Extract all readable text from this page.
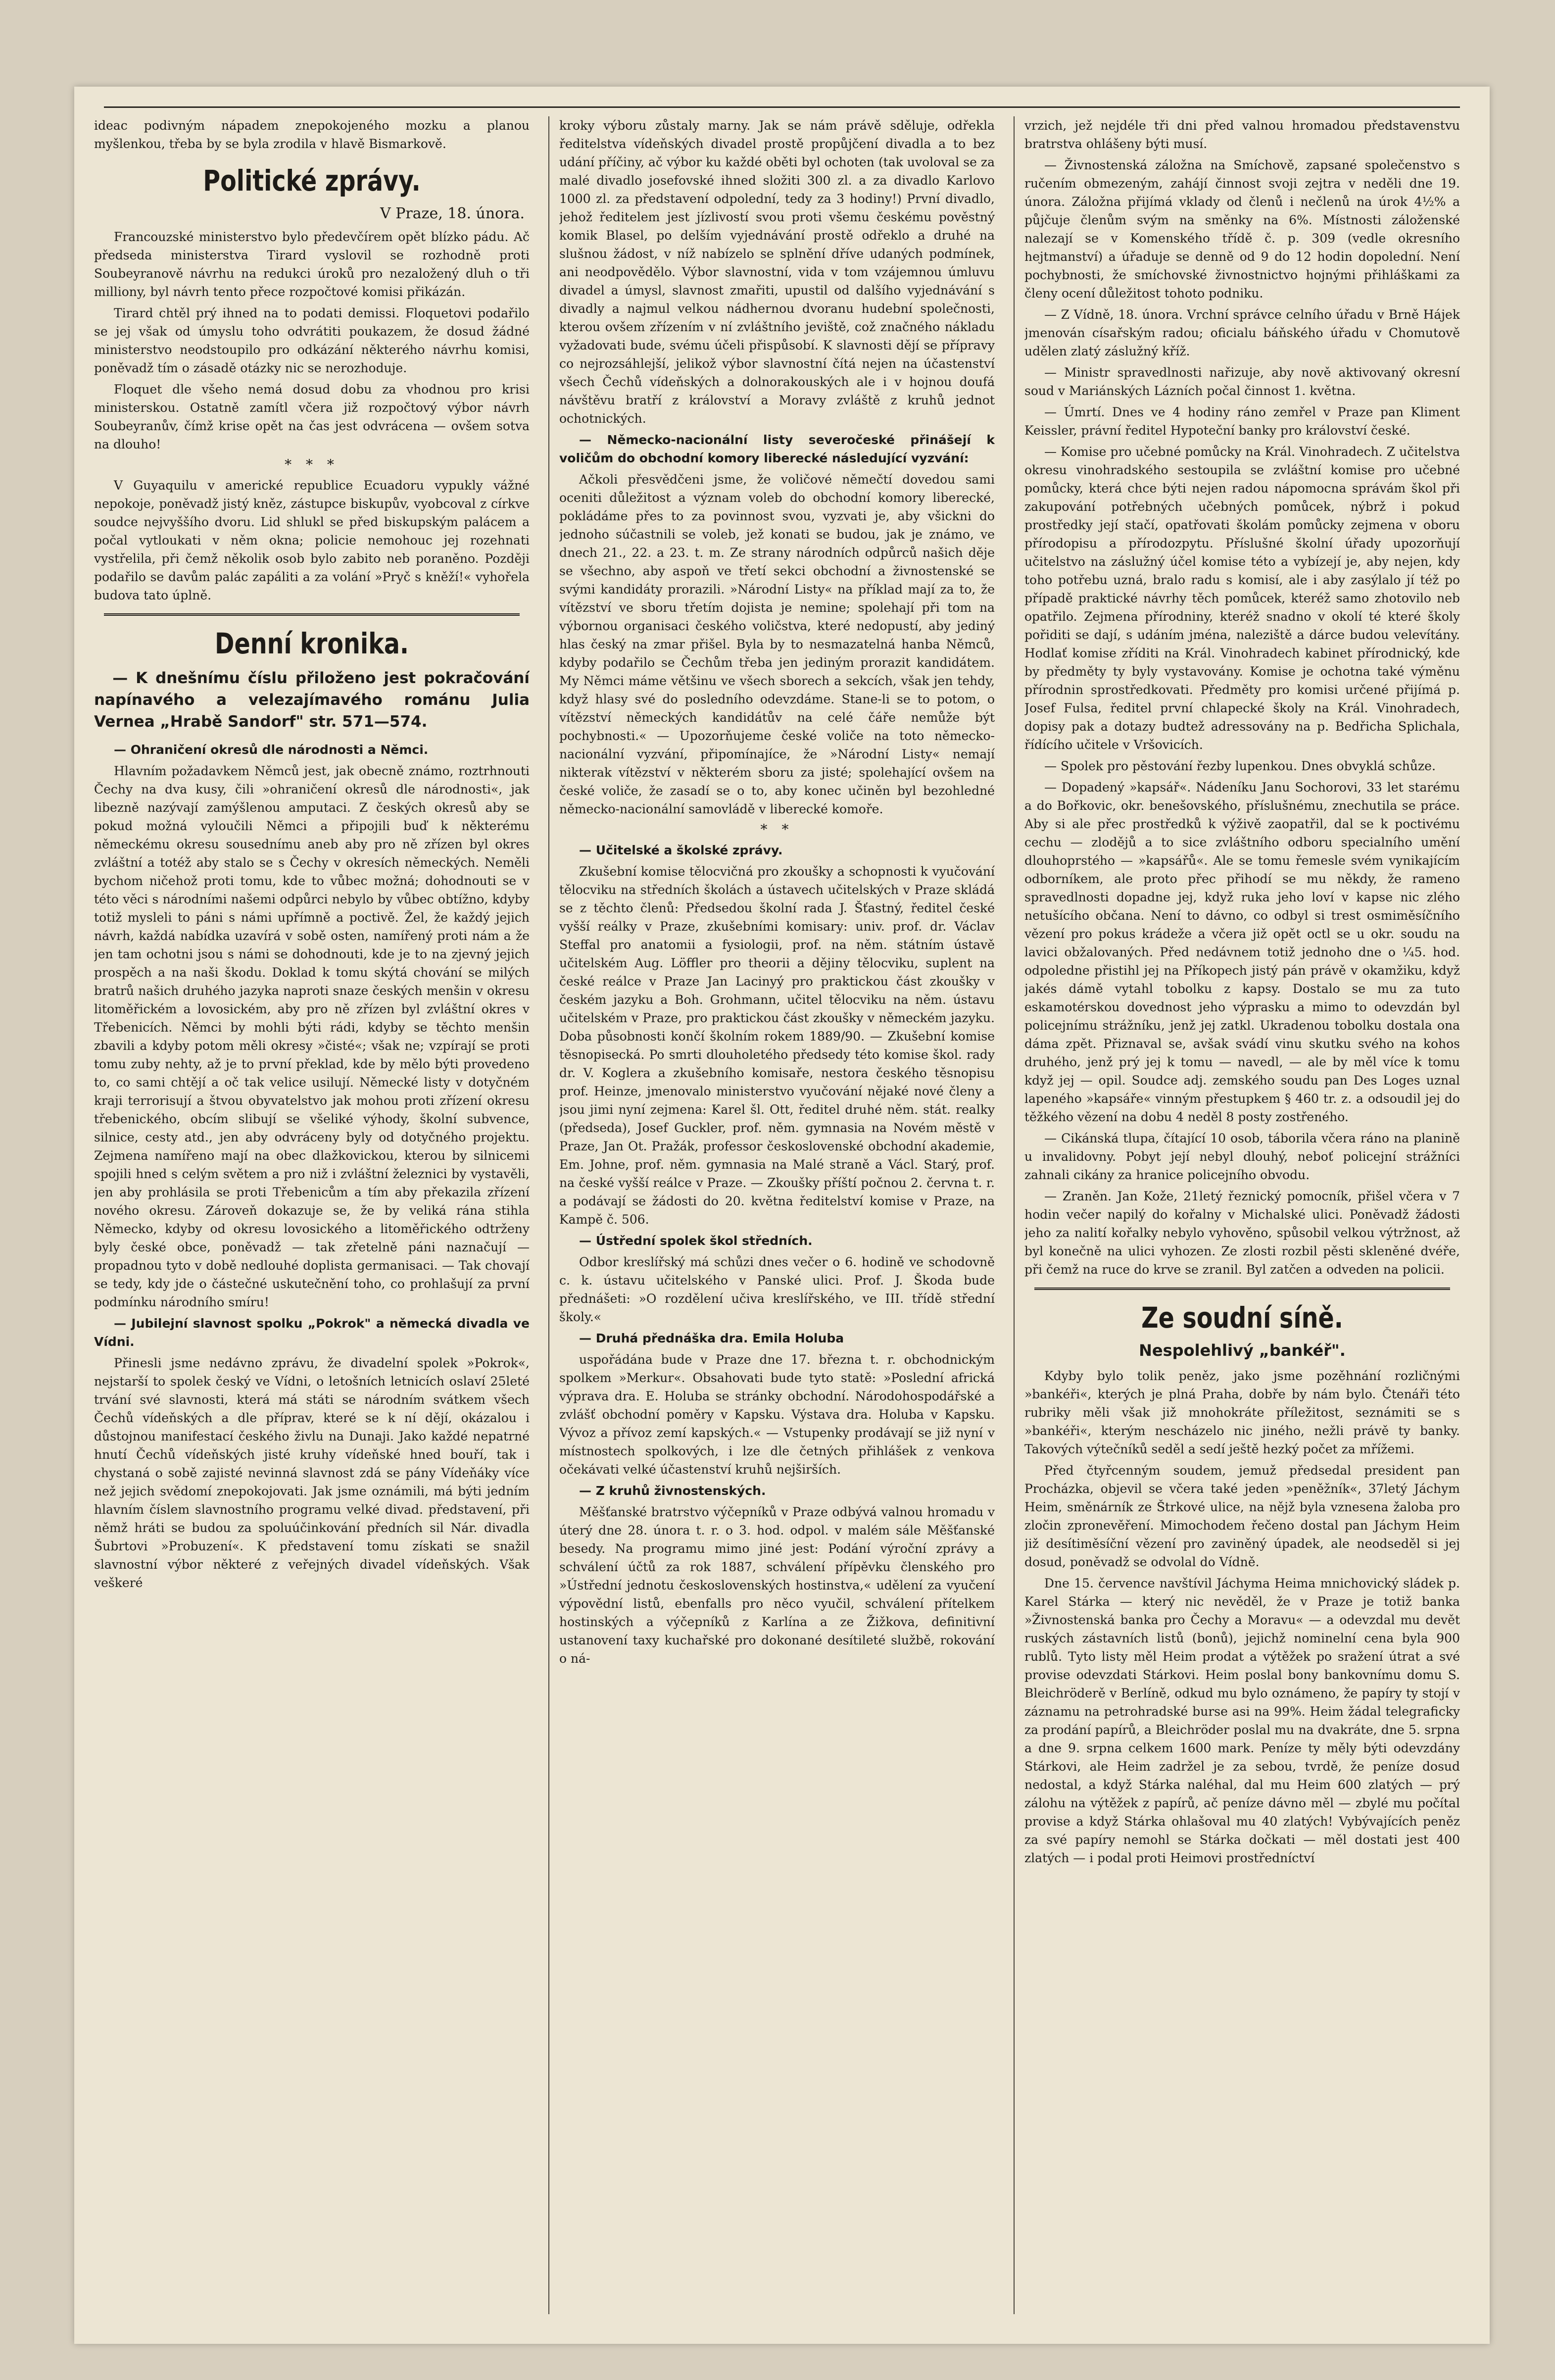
ideac podivným nápadem znepokojeného mozku a planou myšlenkou, třeba by se byla zrodila v hlavě Bismarkově.

Politické zprávy.
V Praze, 18. února.

Francouzské ministerstvo bylo předevčírem opět blízko pádu. Ač předseda ministerstva Tirard vyslovil se rozhodně proti Soubeyranově návrhu na redukci úroků pro nezaložený dluh o tři milliony, byl návrh tento přece rozpočtové komisi přikázán.

Tirard chtěl prý ihned na to podati demissi. Floquetovi podařilo se jej však od úmyslu toho odvrátiti poukazem, že dosud žádné ministerstvo neodstoupilo pro odkázání některého návrhu komisi, poněvadž tím o zásadě otázky nic se nerozhoduje.

Floquet dle všeho nemá dosud dobu za vhodnou pro krisi ministerskou. Ostatně zamítl včera již rozpočtový výbor návrh Soubeyranův, čímž krise opět na čas jest odvrácena — ovšem sotva na dlouho!

* * *

V Guyaquilu v americké republice Ecuadoru vypukly vážné nepokoje, poněvadž jistý kněz, zástupce biskupův, vyobcoval z církve soudce nejvyššího dvoru. Lid shlukl se před biskupským palácem a počal vytloukati v něm okna; policie nemohouc jej rozehnati vystřelila, při čemž několik osob bylo zabito neb poraněno. Později podařilo se davům palác zapáliti a za volání »Pryč s kněží!« vyhořela budova tato úplně.

Denní kronika.
— K dnešnímu číslu přiloženo jest pokračování napínavého a velezajímavého románu Julia Vernea „Hrabě Sandorf" str. 571—574.

— Ohraničení okresů dle národnosti a Němci.

Hlavním požadavkem Němců jest, jak obecně známo, roztrhnouti Čechy na dva kusy, čili »ohraničení okresů dle národnosti«, jak libezně nazývají zamýšlenou amputaci. Z českých okresů aby se pokud možná vyloučili Němci a připojili buď k některému německému okresu sousednímu aneb aby pro ně zřízen byl okres zvláštní a totéž aby stalo se s Čechy v okresích německých. Neměli bychom ničehož proti tomu, kde to vůbec možná; dohodnouti se v této věci s národními našemi odpůrci nebylo by vůbec obtížno, kdyby totiž mysleli to páni s námi upřímně a poctivě. Žel, že každý jejich návrh, každá nabídka uzavírá v sobě osten, namířený proti nám a že jen tam ochotni jsou s námi se dohodnouti, kde je to na zjevný jejich prospěch a na naši škodu. Doklad k tomu skýtá chování se milých bratrů našich druhého jazyka naproti snaze českých menšin v okresu litoměřickém a lovosickém, aby pro ně zřízen byl zvláštní okres v Třebenicích. Němci by mohli býti rádi, kdyby se těchto menšin zbavili a kdyby potom měli okresy »čisté«; však ne; vzpírají se proti tomu zuby nehty, až je to první překlad, kde by mělo býti provedeno to, co sami chtějí a oč tak velice usilují. Německé listy v dotyčném kraji terrorisují a štvou obyvatelstvo jak mohou proti zřízení okresu třebenického, obcím slibují se všeliké výhody, školní subvence, silnice, cesty atd., jen aby odvráceny byly od dotyčného projektu. Zejmena namířeno mají na obec dlažkovickou, kterou by silnicemi spojili hned s celým světem a pro niž i zvláštní železnici by vystavěli, jen aby prohlásila se proti Třebenicům a tím aby překazila zřízení nového okresu. Zároveň dokazuje se, že by veliká rána stihla Německo, kdyby od okresu lovosického a litoměřického odtrženy byly české obce, poněvadž — tak zřetelně páni naznačují — propadnou tyto v době nedlouhé doplista germanisaci. — Tak chovají se tedy, kdy jde o částečné uskutečnění toho, co prohlašují za první podmínku národního smíru!

— Jubilejní slavnost spolku „Pokrok" a německá divadla ve Vídni.

Přinesli jsme nedávno zprávu, že divadelní spolek »Pokrok«, nejstarší to spolek český ve Vídni, o letošních letnicích oslaví 25leté trvání své slavnosti, která má státi se národním svátkem všech Čechů vídeňských a dle příprav, které se k ní dějí, okázalou i důstojnou manifestací českého živlu na Dunaji. Jako každé nepatrné hnutí Čechů vídeňských jisté kruhy vídeňské hned bouří, tak i chystaná o sobě zajisté nevinná slavnost zdá se pány Vídeňáky více než jejich svědomí znepokojovati. Jak jsme oznámili, má býti jedním hlavním číslem slavnostního programu velké divad. představení, při němž hráti se budou za spoluúčinkování předních sil Nár. divadla Šubrtovi »Probuzení«. K představení tomu získati se snažil slavnostní výbor některé z veřejných divadel vídeňských. Však veškeré

kroky výboru zůstaly marny. Jak se nám právě sděluje, odřekla ředitelstva vídeňských divadel prostě propůjčení divadla a to bez udání příčiny, ač výbor ku každé oběti byl ochoten (tak uvoloval se za malé divadlo josefovské ihned složiti 300 zl. a za divadlo Karlovo 1000 zl. za představení odpolední, tedy za 3 hodiny!) První divadlo, jehož ředitelem jest jízlivostí svou proti všemu českému pověstný komik Blasel, po delším vyjednávání prostě odřeklo a druhé na slušnou žádost, v níž nabízelo se splnění dříve udaných podmínek, ani neodpovědělo. Výbor slavnostní, vida v tom vzájemnou úmluvu divadel a úmysl, slavnost zmařiti, upustil od dalšího vyjednávání s divadly a najmul velkou nádhernou dvoranu hudební společnosti, kterou ovšem zřízením v ní zvláštního jeviště, což značného nákladu vyžadovati bude, svému účeli přispůsobí. K slavnosti dějí se přípravy co nejrozsáhlejší, jelikož výbor slavnostní čítá nejen na účastenství všech Čechů vídeňských a dolnorakouských ale i v hojnou doufá návštěvu bratří z království a Moravy zvláště z kruhů jednot ochotnických.

— Německo-nacionální listy severočeské přinášejí k voličům do obchodní komory liberecké následující vyzvání:

Ačkoli přesvědčeni jsme, že voličové němečtí dovedou sami oceniti důležitost a význam voleb do obchodní komory liberecké, pokládáme přes to za povinnost svou, vyzvati je, aby všickni do jednoho súčastnili se voleb, jež konati se budou, jak je známo, ve dnech 21., 22. a 23. t. m. Ze strany národních odpůrců našich děje se všechno, aby aspoň ve třetí sekci obchodní a živnostenské se svými kandidáty prorazili. »Národní Listy« na příklad mají za to, že vítězství ve sboru třetím dojista je nemine; spolehají při tom na výbornou organisaci českého voličstva, které nedopustí, aby jediný hlas český na zmar přišel. Byla by to nesmazatelná hanba Němců, kdyby podařilo se Čechům třeba jen jediným prorazit kandidátem. My Němci máme většinu ve všech sborech a sekcích, však jen tehdy, když hlasy své do posledního odevzdáme. Stane-li se to potom, o vítězství německých kandidátův na celé čáře nemůže být pochybnosti.« — Upozorňujeme české voliče na toto německo-nacionální vyzvání, připomínajíce, že »Národní Listy« nemají nikterak vítězství v některém sboru za jisté; spolehající ovšem na české voliče, že zasadí se o to, aby konec učiněn byl bezohledné německo-nacionální samovládě v liberecké komoře.

* *

— Učitelské a školské zprávy.

Zkušební komise tělocvičná pro zkoušky a schopnosti k vyučování tělocviku na středních školách a ústavech učitelských v Praze skládá se z těchto členů: Předsedou školní rada J. Šťastný, ředitel české vyšší reálky v Praze, zkušebními komisary: univ. prof. dr. Václav Steffal pro anatomii a fysiologii, prof. na něm. státním ústavě učitelském Aug. Löffler pro theorii a dějiny tělocviku, suplent na české reálce v Praze Jan Lacinyý pro praktickou část zkoušky v českém jazyku a Boh. Grohmann, učitel tělocviku na něm. ústavu učitelském v Praze, pro praktickou část zkoušky v německém jazyku. Doba působnosti končí školním rokem 1889/90. — Zkušební komise těsnopisecká. Po smrti dlouholetého předsedy této komise škol. rady dr. V. Koglera a zkušebního komisaře, nestora českého těsnopisu prof. Heinze, jmenovalo ministerstvo vyučování nějaké nové členy a jsou jimi nyní zejmena: Karel šl. Ott, ředitel druhé něm. stát. realky (předseda), Josef Guckler, prof. něm. gymnasia na Novém městě v Praze, Jan Ot. Pražák, professor československé obchodní akademie, Em. Johne, prof. něm. gymnasia na Malé straně a Václ. Starý, prof. na české vyšší reálce v Praze. — Zkoušky příští počnou 2. června t. r. a podávají se žádosti do 20. května ředitelství komise v Praze, na Kampě č. 506.

— Ústřední spolek škol středních.

Odbor kreslířský má schůzi dnes večer o 6. hodině ve schodovně c. k. ústavu učitelského v Panské ulici. Prof. J. Škoda bude přednášeti: »O rozdělení učiva kreslířského, ve III. třídě střední školy.«

— Druhá přednáška dra. Emila Holuba

uspořádána bude v Praze dne 17. března t. r. obchodnickým spolkem »Merkur«. Obsahovati bude tyto statě: »Poslední africká výprava dra. E. Holuba se stránky obchodní. Národohospodářské a zvlášť obchodní poměry v Kapsku. Výstava dra. Holuba v Kapsku. Vývoz a přívoz zemí kapských.« — Vstupenky prodávají se již nyní v místnostech spolkových, i lze dle četných přihlášek z venkova očekávati velké účastenství kruhů nejširších.

— Z kruhů živnostenských.

Měšťanské bratrstvo výčepníků v Praze odbývá valnou hromadu v úterý dne 28. února t. r. o 3. hod. odpol. v malém sále Měšťanské besedy. Na programu mimo jiné jest: Podání výroční zprávy a schválení účtů za rok 1887, schválení přípěvku členského pro »Ústřední jednotu československých hostinstva,« udělení za vyučení výpovědní listů, ebenfalls pro něco vyučil, schválení přítelkem hostinských a výčepníků z Karlína a ze Žižkova, definitivní ustanovení taxy kuchařské pro dokonané desítileté službě, rokování o ná-

vrzich, jež nejdéle tři dni před valnou hromadou představenstvu bratrstva ohlášeny býti musí.

— Živnostenská záložna na Smíchově, zapsané společenstvo s ručením obmezeným, zahájí činnost svoji zejtra v neděli dne 19. února. Záložna přijímá vklady od členů i nečlenů na úrok 4½% a půjčuje členům svým na směnky na 6%. Místnosti záloženské nalezají se v Komenského třídě č. p. 309 (vedle okresního hejtmanství) a úřaduje se denně od 9 do 12 hodin dopolední. Není pochybnosti, že smíchovské živnostnictvo hojnými přihláškami za členy ocení důležitost tohoto podniku.

— Z Vídně, 18. února. Vrchní správce celního úřadu v Brně Hájek jmenován císařským radou; oficialu báňského úřadu v Chomutově udělen zlatý záslužný kříž.

— Ministr spravedlnosti nařizuje, aby nově aktivovaný okresní soud v Mariánských Lázních počal činnost 1. května.

— Úmrtí. Dnes ve 4 hodiny ráno zemřel v Praze pan Kliment Keissler, právní ředitel Hypoteční banky pro království české.

— Komise pro učebné pomůcky na Král. Vinohradech. Z učitelstva okresu vinohradského sestoupila se zvláštní komise pro učebné pomůcky, která chce býti nejen radou nápomocna správám škol při zakupování potřebných učebných pomůcek, nýbrž i pokud prostředky její stačí, opatřovati školám pomůcky zejmena v oboru přírodopisu a přírodozpytu. Příslušné školní úřady upozorňují učitelstvo na záslužný účel komise této a vybízejí je, aby nejen, kdy toho potřebu uzná, bralo radu s komisí, ale i aby zasýlalo jí též po případě praktické návrhy těch pomůcek, kteréž samo zhotovilo neb opatřilo. Zejmena přírodniny, kteréž snadno v okolí té které školy pořiditi se dají, s udáním jména, naleziště a dárce budou velevítány. Hodlať komise zříditi na Král. Vinohradech kabinet přírodnický, kde by předměty ty byly vystavovány. Komise je ochotna také výměnu přírodnin sprostředkovati. Předměty pro komisi určené přijímá p. Josef Fulsa, ředitel první chlapecké školy na Král. Vinohradech, dopisy pak a dotazy budtež adressovány na p. Bedřicha Splichala, řídícího učitele v Vršovicích.

— Spolek pro pěstování řezby lupenkou. Dnes obvyklá schůze.

— Dopadený »kapsář«. Nádeníku Janu Sochorovi, 33 let starému a do Bořkovic, okr. benešovského, příslušnému, znechutila se práce. Aby si ale přec prostředků k výživě zaopatřil, dal se k poctivému cechu — zlodějů a to sice zvláštního odboru specialního umění dlouhoprstého — »kapsářů«. Ale se tomu řemesle svém vynikajícím odborníkem, ale proto přec přihodí se mu někdy, že rameno spravedlnosti dopadne jej, když ruka jeho loví v kapse nic zlého netušícího občana. Není to dávno, co odbyl si trest osmiměsíčního vězení pro pokus krádeže a včera již opět octl se u okr. soudu na lavici obžalovaných. Před nedávnem totiž jednoho dne o ¼5. hod. odpoledne přistihl jej na Příkopech jistý pán právě v okamžiku, když jakés dámě vytahl tobolku z kapsy. Dostalo se mu za tuto eskamotérskou dovednost jeho výprasku a mimo to odevzdán byl policejnímu strážníku, jenž jej zatkl. Ukradenou tobolku dostala ona dáma zpět. Přiznaval se, avšak svádí vinu skutku svého na kohos druhého, jenž prý jej k tomu — navedl, — ale by měl více k tomu když jej — opil. Soudce adj. zemského soudu pan Des Loges uznal lapeného »kapsáře« vinným přestupkem § 460 tr. z. a odsoudil jej do těžkého vězení na dobu 4 neděl 8 posty zostřeného.

— Cikánská tlupa, čítající 10 osob, táborila včera ráno na planině u invalidovny. Pobyt její nebyl dlouhý, neboť policejní strážníci zahnali cikány za hranice policejního obvodu.

— Zraněn. Jan Kože, 21letý řeznický pomocník, přišel včera v 7 hodin večer napilý do kořalny v Michalské ulici. Poněvadž žádosti jeho za nalití kořalky nebylo vyhověno, spůsobil velkou výtržnost, až byl konečně na ulici vyhozen. Ze zlosti rozbil pěsti skleněné dvéře, při čemž na ruce do krve se zranil. Byl zatčen a odveden na policii.

Ze soudní síně.
Nespolehlivý „bankéř".

Kdyby bylo tolik peněz, jako jsme pozěhnání rozličnými »bankéři«, kterých je plná Praha, dobře by nám bylo. Čtenáři této rubriky měli však již mnohokráte příležitost, seznámiti se s »bankéři«, kterým nescházelo nic jiného, nežli právě ty banky. Takových výtečníků seděl a sedí ještě hezký počet za mřížemi.

Před čtyřcenným soudem, jemuž předsedal president pan Procházka, objevil se včera také jeden »peněžník«, 37letý Jáchym Heim, směnárník ze Štrkové ulice, na nějž byla vznesena žaloba pro zločin zpronevěření. Mimochodem řečeno dostal pan Jáchym Heim již desítiměsíční vězení pro zaviněný úpadek, ale neodseděl si jej dosud, poněvadž se odvolal do Vídně.

Dne 15. července navštívil Jáchyma Heima mnichovický sládek p. Karel Stárka — který nic nevěděl, že v Praze je totiž banka »Živnostenská banka pro Čechy a Moravu« — a odevzdal mu devět ruských zástavních listů (bonů), jejichž nominelní cena byla 900 rublů. Tyto listy měl Heim prodat a výtěžek po sražení útrat a své provise odevzdati Stárkovi. Heim poslal bony bankovnímu domu S. Bleichröderě v Berlíně, odkud mu bylo oznámeno, že papíry ty stojí v záznamu na petrohradské burse asi na 99%. Heim žádal telegraficky za prodání papírů, a Bleichröder poslal mu na dvakráte, dne 5. srpna a dne 9. srpna celkem 1600 mark. Peníze ty měly býti odevzdány Stárkovi, ale Heim zadržel je za sebou, tvrdě, že peníze dosud nedostal, a když Stárka naléhal, dal mu Heim 600 zlatých — prý zálohu na výtěžek z papírů, ač peníze dávno měl — zbylé mu počítal provise a když Stárka ohlašoval mu 40 zlatých! Vybývajících peněz za své papíry nemohl se Stárka dočkati — měl dostati jest 400 zlatých — i podal proti Heimovi prostředníctví
